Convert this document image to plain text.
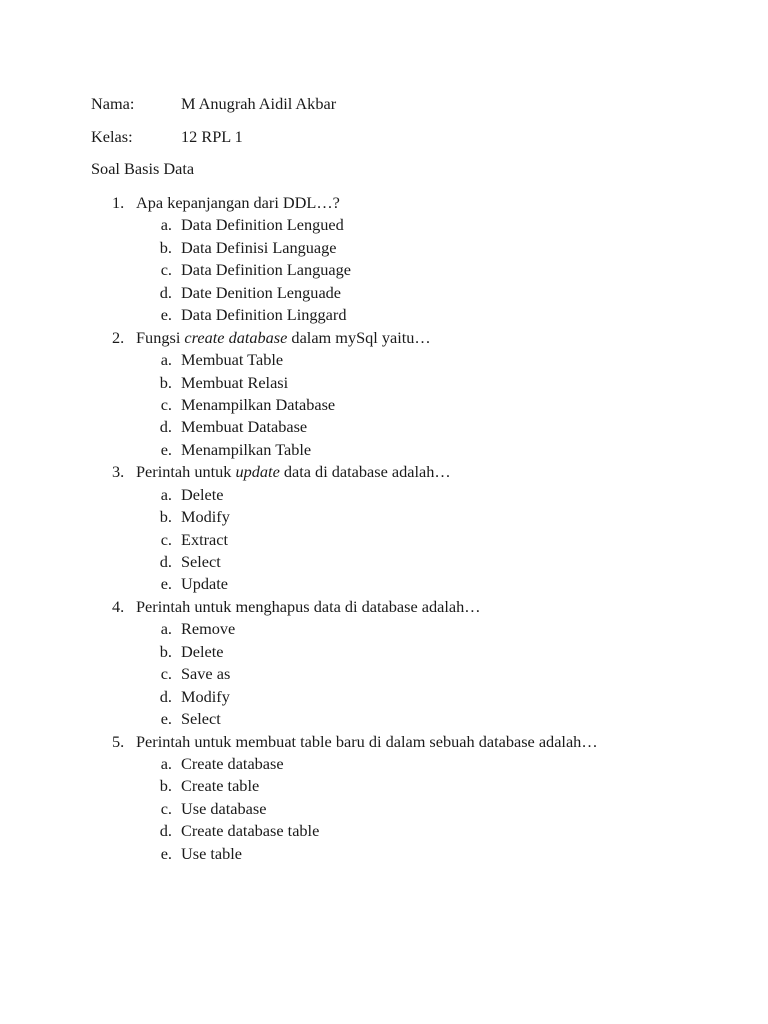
Nama:	M Anugrah Aidil Akbar
Kelas:	12 RPL 1
Soal Basis Data
1. Apa kepanjangan dari DDL…?
a. Data Definition Lengued
b. Data Definisi Language
c. Data Definition Language
d. Date Denition Lenguade
e. Data Definition Linggard
2. Fungsi create database dalam mySql yaitu…
a. Membuat Table
b. Membuat Relasi
c. Menampilkan Database
d. Membuat Database
e. Menampilkan Table
3. Perintah untuk update data di database adalah…
a. Delete
b. Modify
c. Extract
d. Select
e. Update
4. Perintah untuk menghapus data di database adalah…
a. Remove
b. Delete
c. Save as
d. Modify
e. Select
5. Perintah untuk membuat table baru di dalam sebuah database adalah…
a. Create database
b. Create table
c. Use database
d. Create database table
e. Use table
